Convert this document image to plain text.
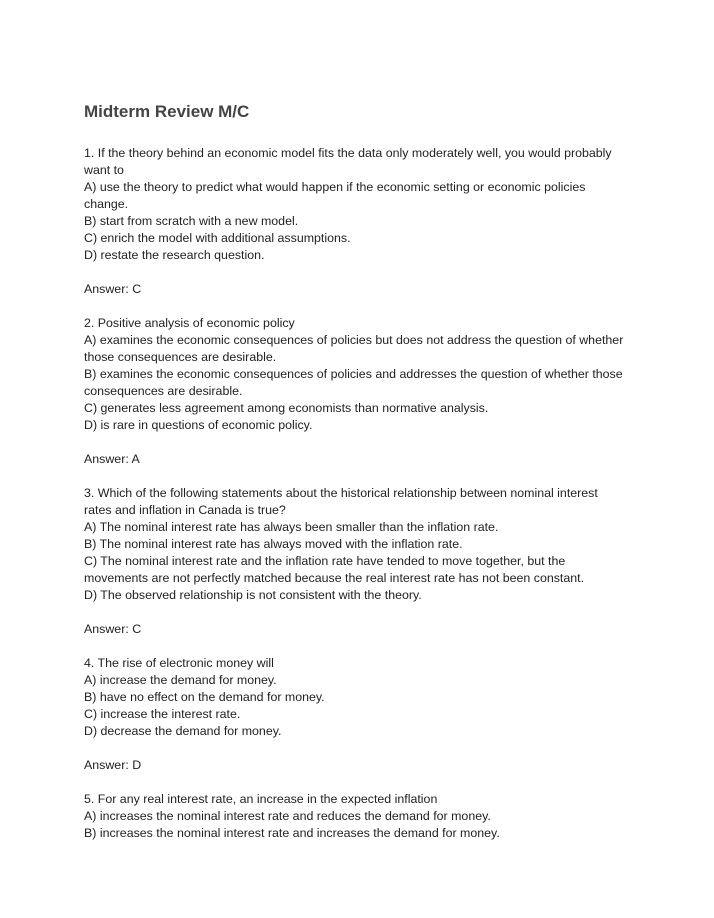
Midterm Review M/C

1. If the theory behind an economic model fits the data only moderately well, you would probably want to

A) use the theory to predict what would happen if the economic setting or economic policies change.

B) start from scratch with a new model.

C) enrich the model with additional assumptions.

D) restate the research question.

Answer: C

2. Positive analysis of economic policy

A) examines the economic consequences of policies but does not address the question of whether those consequences are desirable.

B) examines the economic consequences of policies and addresses the question of whether those consequences are desirable.

C) generates less agreement among economists than normative analysis.

D) is rare in questions of economic policy.

Answer: A

3. Which of the following statements about the historical relationship between nominal interest rates and inflation in Canada is true?

A) The nominal interest rate has always been smaller than the inflation rate.

B) The nominal interest rate has always moved with the inflation rate.

C) The nominal interest rate and the inflation rate have tended to move together, but the movements are not perfectly matched because the real interest rate has not been constant.

D) The observed relationship is not consistent with the theory.

Answer: C

4. The rise of electronic money will

A) increase the demand for money.

B) have no effect on the demand for money.

C) increase the interest rate.

D) decrease the demand for money.

Answer: D

5. For any real interest rate, an increase in the expected inflation

A) increases the nominal interest rate and reduces the demand for money.

B) increases the nominal interest rate and increases the demand for money.
